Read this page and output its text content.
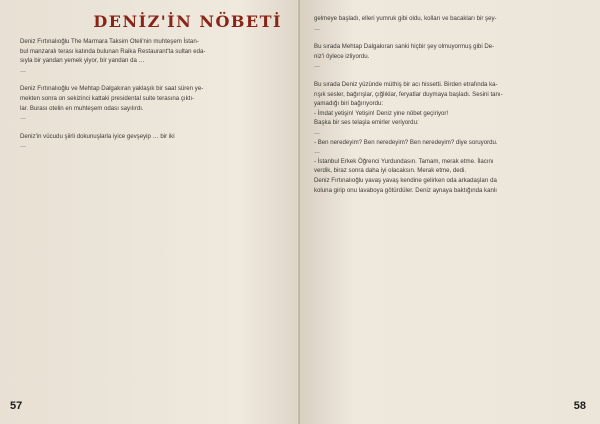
DENİZ'İN NÖBETİ
Deniz Fırtınalıoğlu The Marmara Taksim Oteli'nin muhteşem İstan-
bul manzaralı terası katında bulunan Raika Restaurant'ta sultan eda-
sıyla bir yandan yemek yiyor, bir yandan da …
…
Deniz Fırtınalıoğlu ve Mehtap Dalgakıran yaklaşık bir saat süren ye-
mekten sonra on sekizinci kattaki presidental suite terasına çıktı-
lar. Burası otelin en muhteşem odası sayılırdı.
…
Deniz'in vücudu şiirli dokunuşlarla iyice gevşeyip … bir iki
…
57
gelmeye başladı, elleri yumruk gibi oldu, kolları ve bacakları bir şey-
…
Bu sırada Mehtap Dalgakıran sanki hiçbir şey olmuyormuş gibi De-
niz'i öylece izliyordu.
…
Bu sırada Deniz yüzünde müthiş bir acı hissetti. Birden etrafında ka-
rışık sesler, bağırışlar, çığlıklar, feryatlar duymaya başladı. Sesini tanı-
yamadığı biri bağırıyordu:
- İmdat yetişin! Yetişin! Deniz yine nöbet geçiriyor!
Başka bir ses telaşla emirler veriyordu:
…
- Ben neredeyim? Ben neredeyim? Ben neredeyim? diye soruyordu.
…
- İstanbul Erkek Öğrenci Yurdundasın. Tamam, merak etme. İlacını
verdik, biraz sonra daha iyi olacaksın. Merak etme, dedi.
Deniz Fırtınalıoğlu yavaş yavaş kendine gelirken oda arkadaşları da
koluna girip onu lavaboya götürdüler. Deniz aynaya baktığında kanlı
58
